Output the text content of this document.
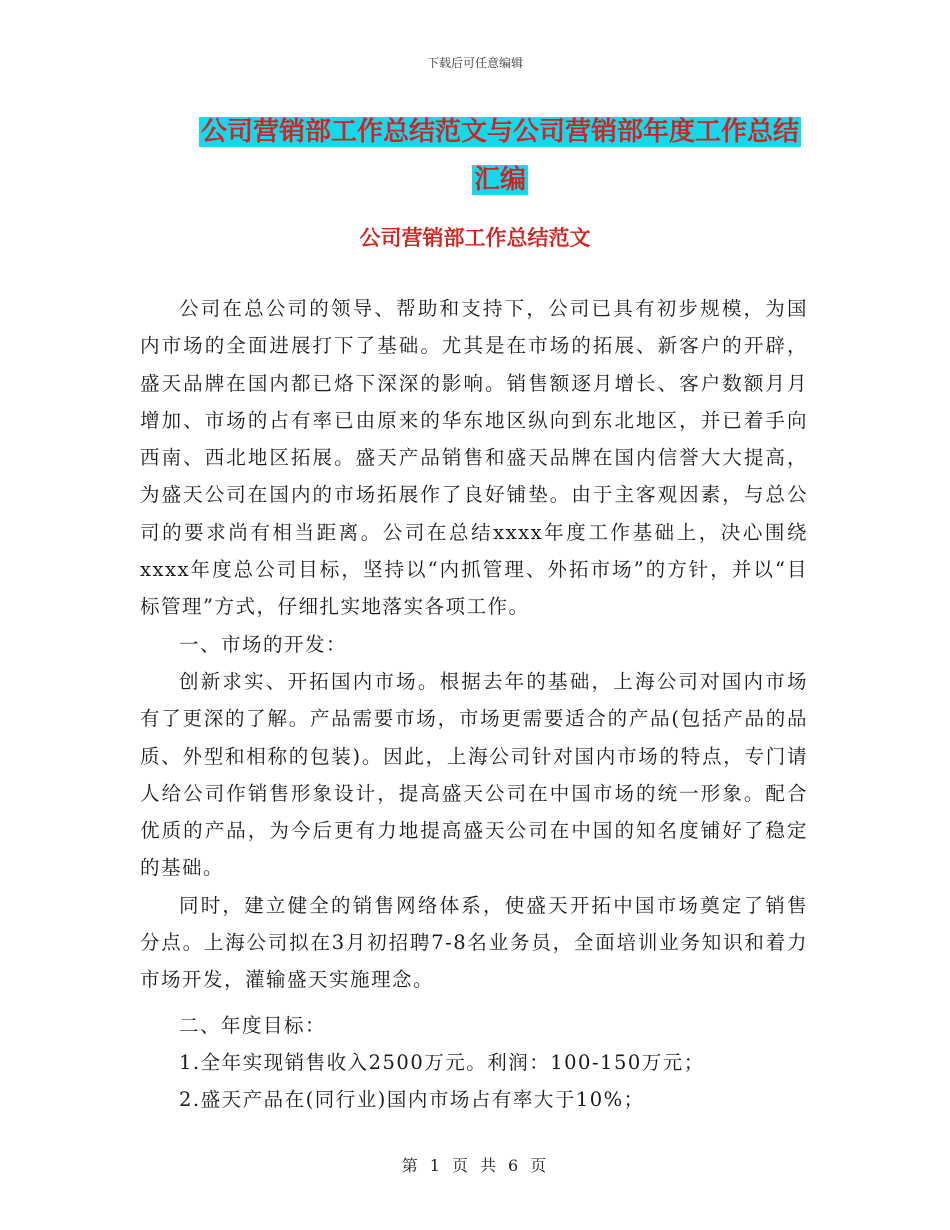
下载后可任意编辑
公司营销部工作总结范文与公司营销部年度工作总结
汇编
公司营销部工作总结范文

公司在总公司的领导、帮助和支持下，公司已具有初步规模，为国内市场的全面进展打下了基础。尤其是在市场的拓展、新客户的开辟，盛天品牌在国内都已烙下深深的影响。销售额逐月增长、客户数额月月增加、市场的占有率已由原来的华东地区纵向到东北地区，并已着手向西南、西北地区拓展。盛天产品销售和盛天品牌在国内信誉大大提高，为盛天公司在国内的市场拓展作了良好铺垫。由于主客观因素，与总公司的要求尚有相当距离。公司在总结xxxx年度工作基础上，决心围绕xxxx年度总公司目标，坚持以“内抓管理、外拓市场”的方针，并以“目标管理”方式，仔细扎实地落实各项工作。

一、市场的开发：

创新求实、开拓国内市场。根据去年的基础，上海公司对国内市场有了更深的了解。产品需要市场，市场更需要适合的产品(包括产品的品质、外型和相称的包装)。因此，上海公司针对国内市场的特点，专门请人给公司作销售形象设计，提高盛天公司在中国市场的统一形象。配合优质的产品，为今后更有力地提高盛天公司在中国的知名度铺好了稳定的基础。

同时，建立健全的销售网络体系，使盛天开拓中国市场奠定了销售分点。上海公司拟在3月初招聘7-8名业务员，全面培训业务知识和着力市场开发，灌输盛天实施理念。

二、年度目标：

1.全年实现销售收入2500万元。利润：100-150万元；

2.盛天产品在(同行业)国内市场占有率大于10%；

第 1 页 共 6 页
